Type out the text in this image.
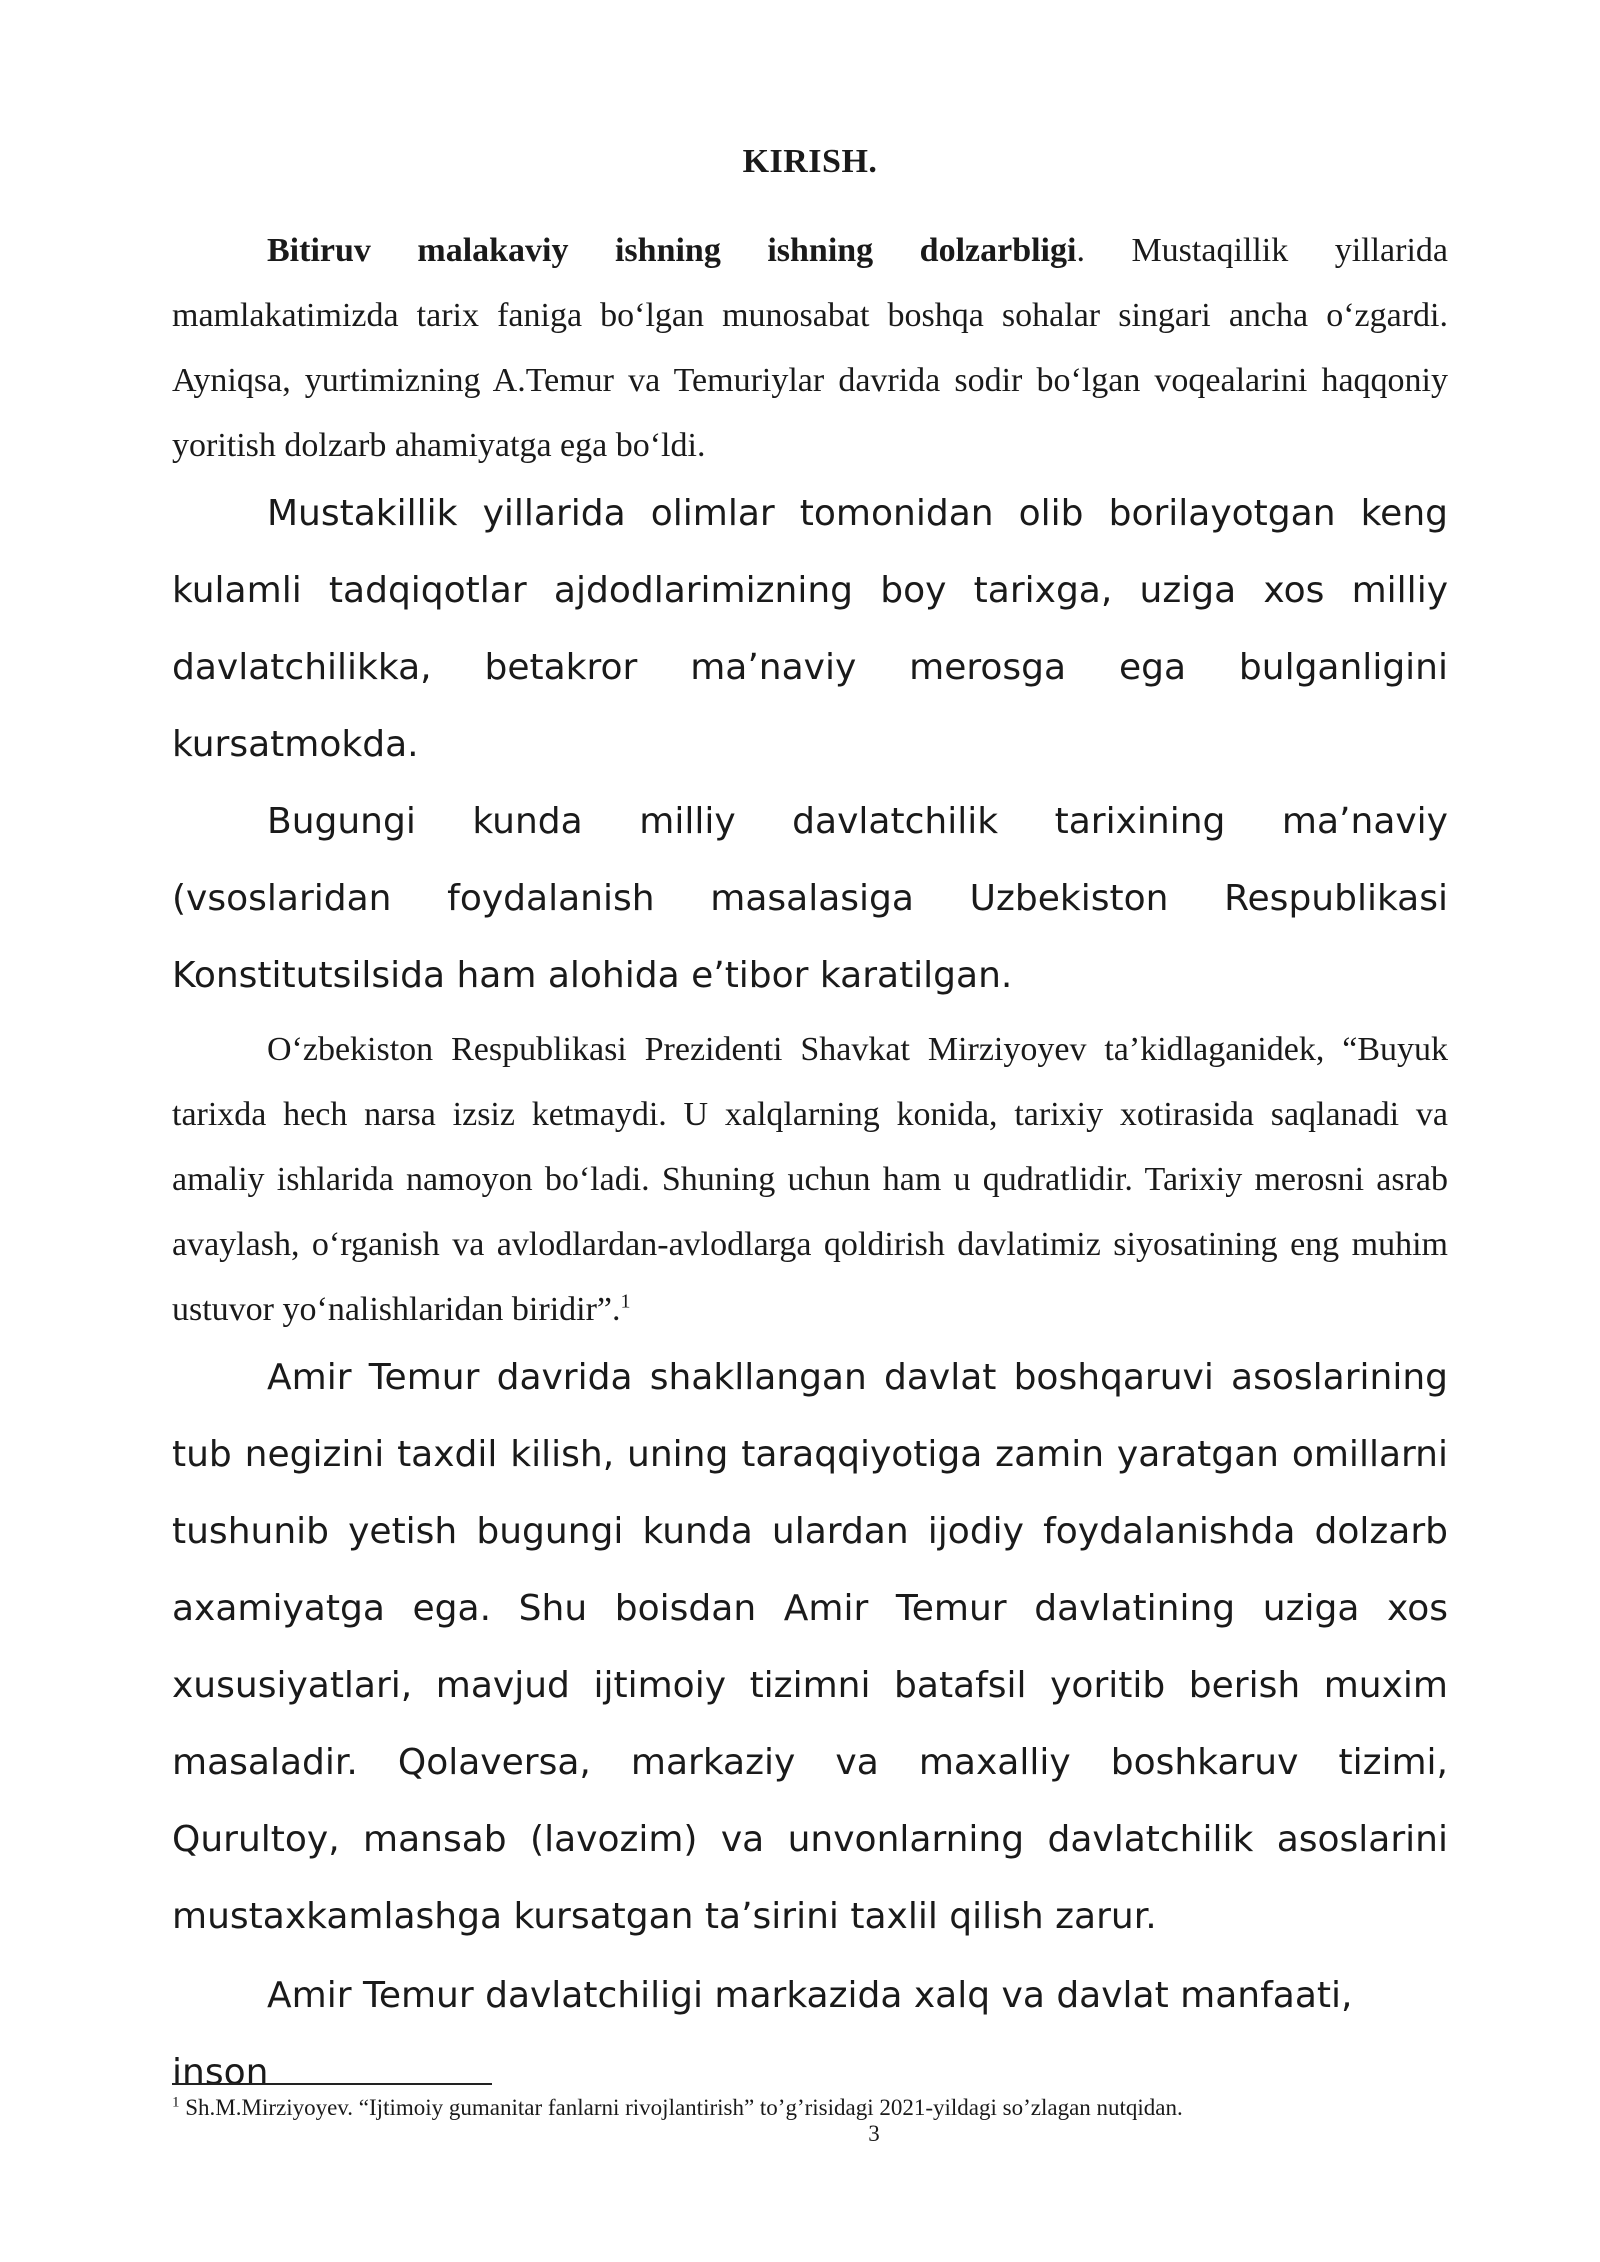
KIRISH.

Bitiruv malakaviy ishning ishning dolzarbligi. Mustaqillik yillarida mamlakatimizda tarix faniga bo‘lgan munosabat boshqa sohalar singari ancha o‘zgardi. Ayniqsa, yurtimizning A.Temur va Temuriylar davrida sodir bo‘lgan voqealarini haqqoniy yoritish dolzarb ahamiyatga ega bo‘ldi.

Mustakillik yillarida olimlar tomonidan olib borilayotgan keng kulamli tadqiqotlar ajdodlarimizning boy tarixga, uziga xos milliy davlatchilikka, betakror ma’naviy merosga ega bulganligini kursatmokda.

Bugungi kunda milliy davlatchilik tarixining ma’naviy (vsoslaridan foydalanish masalasiga Uzbekiston Respublikasi Konstitutsilsida ham alohida e’tibor karatilgan.

O‘zbekiston Respublikasi Prezidenti Shavkat Mirziyoyev ta’kidlaganidek, “Buyuk tarixda hech narsa izsiz ketmaydi. U xalqlarning konida, tarixiy xotirasida saqlanadi va amaliy ishlarida namoyon bo‘ladi. Shuning uchun ham u qudratlidir. Tarixiy merosni asrab avaylash, o‘rganish va avlodlardan-avlodlarga qoldirish davlatimiz siyosatining eng muhim ustuvor yo‘nalishlaridan biridir”.$^1$

Amir Temur davrida shakllangan davlat boshqaruvi asoslarining tub negizini taxdil kilish, uning taraqqiyotiga zamin yaratgan omillarni tushunib yetish bugungi kunda ulardan ijodiy foydalanishda dolzarb axamiyatga ega. Shu boisdan Amir Temur davlatining uziga xos xususiyatlari, mavjud ijtimoiy tizimni batafsil yoritib berish muxim masaladir. Qolaversa, markaziy va maxalliy boshkaruv tizimi, Qurultoy, mansab (lavozim) va unvonlarning davlatchilik asoslarini mustaxkamlashga kursatgan ta’sirini taxlil qilish zarur.

Amir Temur davlatchiligi markazida xalq va davlat manfaati, inson

$^1$ Sh.M.Mirziyoyev. “Ijtimoiy gumanitar fanlarni rivojlantirish” to’g’risidagi 2021-yildagi so’zlagan nutqidan.
3
